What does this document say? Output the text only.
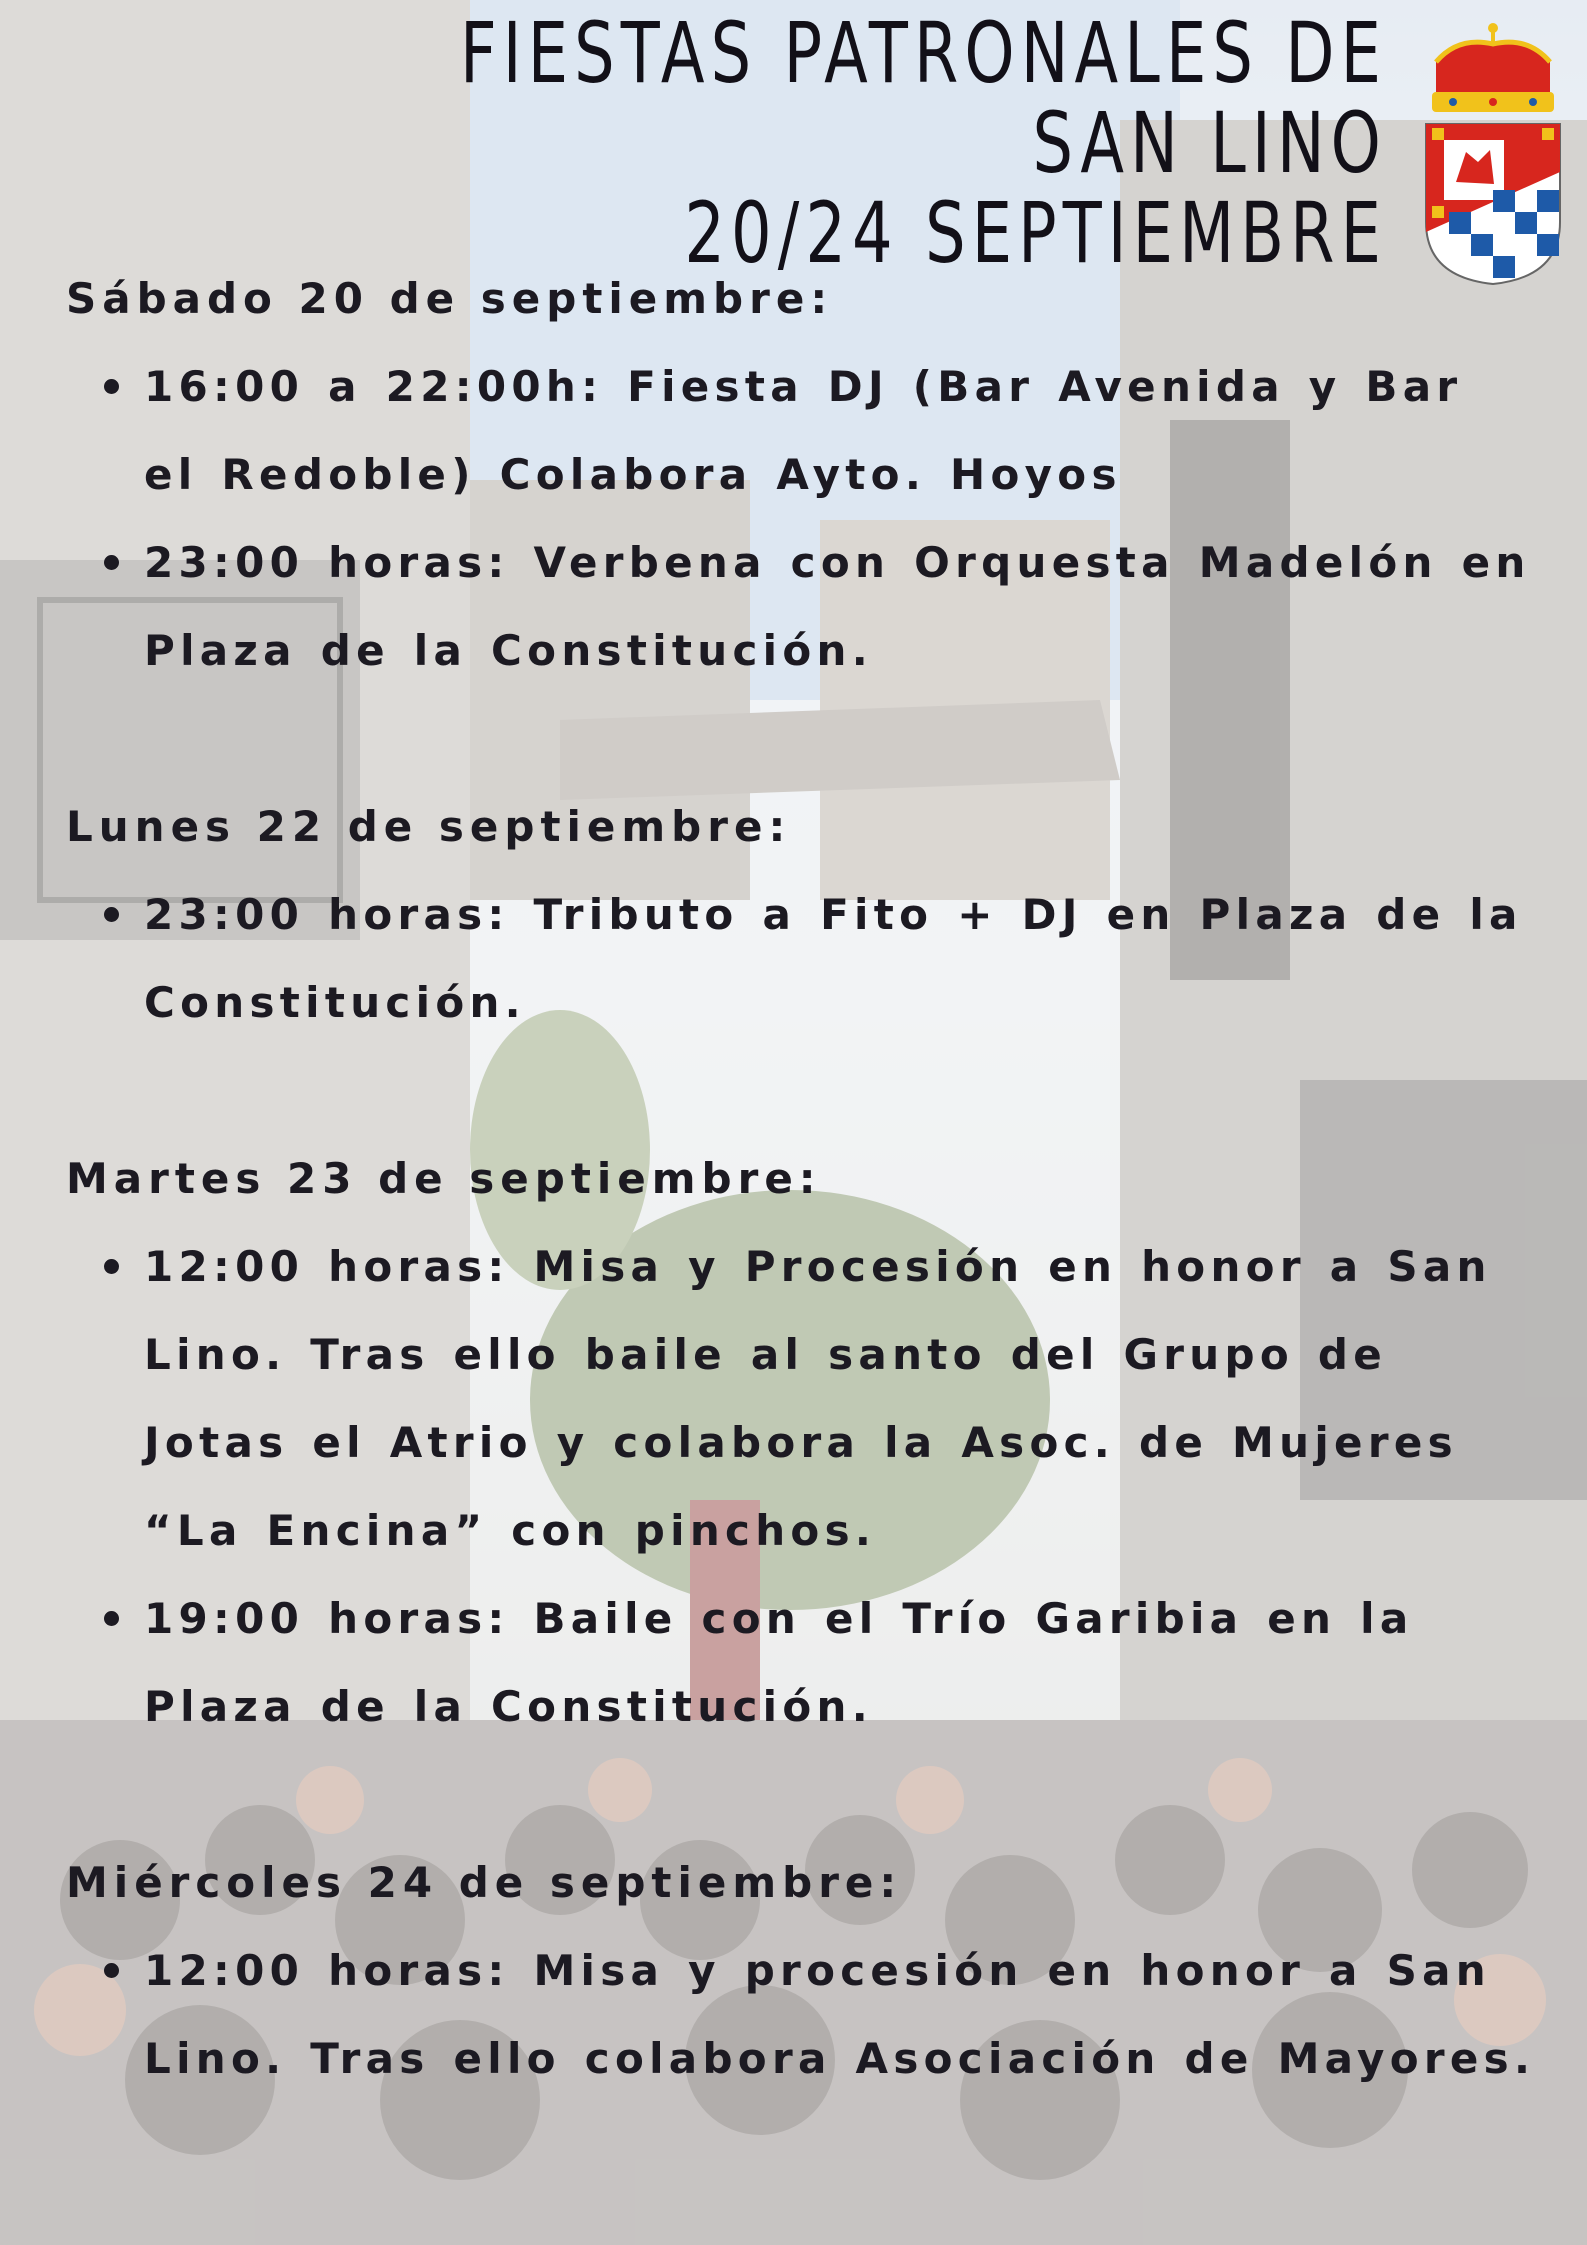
FIESTAS PATRONALES DE SAN LINO
20/24 SEPTIEMBRE
Sábado 20 de septiembre:
16:00 a 22:00h: Fiesta DJ (Bar Avenida y Bar el Redoble) Colabora Ayto. Hoyos
23:00 horas: Verbena con Orquesta Madelón en Plaza de la Constitución.
Lunes 22 de septiembre:
23:00 horas: Tributo a Fito + DJ en Plaza de la Constitución.
Martes 23 de septiembre:
12:00 horas: Misa y Procesión en honor a San Lino. Tras ello baile al santo del Grupo de Jotas el Atrio y colabora la Asoc. de Mujeres “La Encina” con pinchos.
19:00 horas: Baile con el Trío Garibia en la Plaza de la Constitución.
Miércoles 24 de septiembre:
12:00 horas: Misa y procesión en honor a San Lino. Tras ello colabora Asociación de Mayores.
